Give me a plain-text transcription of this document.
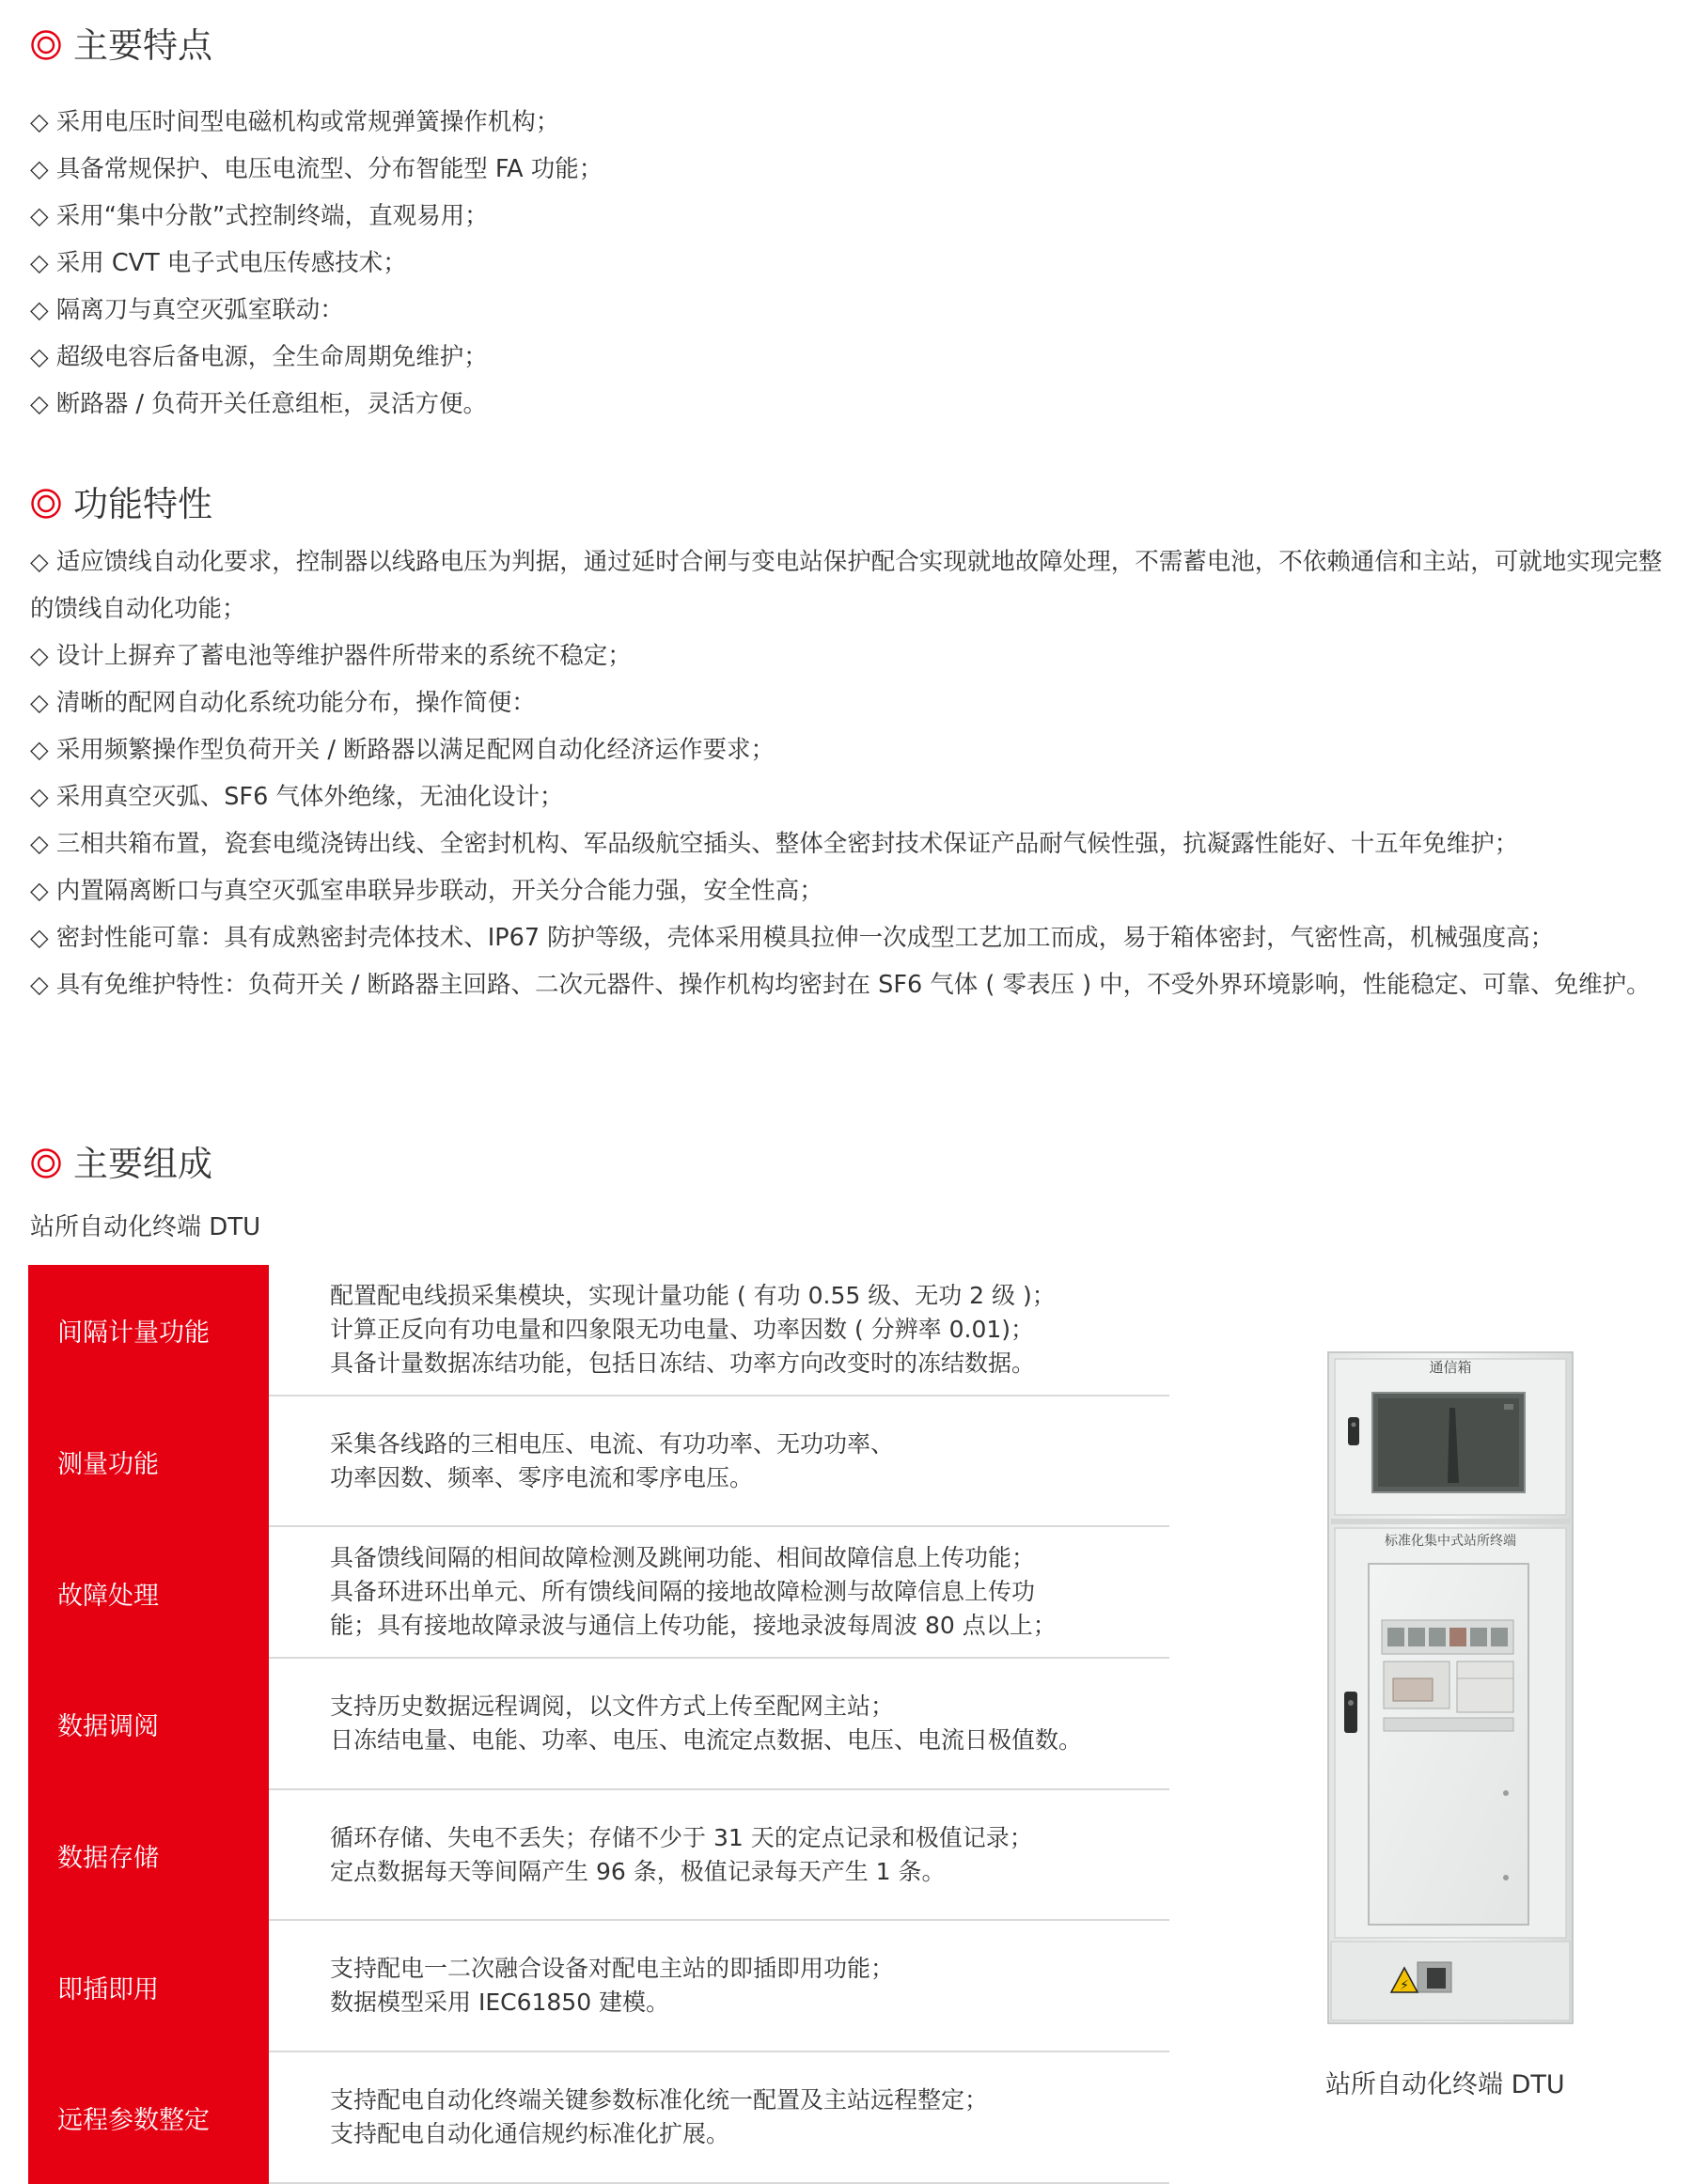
主要特点
◇ 采用电压时间型电磁机构或常规弹簧操作机构；
◇ 具备常规保护、电压电流型、分布智能型 FA 功能；
◇ 采用“集中分散”式控制终端，直观易用；
◇ 采用 CVT 电子式电压传感技术；
◇ 隔离刀与真空灭弧室联动：
◇ 超级电容后备电源，全生命周期免维护；
◇ 断路器 / 负荷开关任意组柜，灵活方便。
功能特性
◇ 适应馈线自动化要求，控制器以线路电压为判据，通过延时合闸与变电站保护配合实现就地故障处理，不需蓄电池，不依赖通信和主站，可就地实现完整的馈线自动化功能；
◇ 设计上摒弃了蓄电池等维护器件所带来的系统不稳定；
◇ 清晰的配网自动化系统功能分布，操作简便：
◇ 采用频繁操作型负荷开关 / 断路器以满足配网自动化经济运作要求；
◇ 采用真空灭弧、SF6 气体外绝缘，无油化设计；
◇ 三相共箱布置，瓷套电缆浇铸出线、全密封机构、军品级航空插头、整体全密封技术保证产品耐气候性强，抗凝露性能好、十五年免维护；
◇ 内置隔离断口与真空灭弧室串联异步联动，开关分合能力强，安全性高；
◇ 密封性能可靠：具有成熟密封壳体技术、IP67 防护等级，壳体采用模具拉伸一次成型工艺加工而成，易于箱体密封，气密性高，机械强度高；
◇ 具有免维护特性：负荷开关 / 断路器主回路、二次元器件、操作机构均密封在 SF6 气体 ( 零表压 ) 中，不受外界环境影响，性能稳定、可靠、免维护。
主要组成
站所自动化终端 DTU
间隔计量功能
配置配电线损采集模块，实现计量功能 ( 有功 0.55 级、无功 2 级 )；
计算正反向有功电量和四象限无功电量、功率因数 ( 分辨率 0.01)；
具备计量数据冻结功能，包括日冻结、功率方向改变时的冻结数据。
测量功能
采集各线路的三相电压、电流、有功功率、无功功率、
功率因数、频率、零序电流和零序电压。
故障处理
具备馈线间隔的相间故障检测及跳闸功能、相间故障信息上传功能；
具备环进环出单元、所有馈线间隔的接地故障检测与故障信息上传功
能；具有接地故障录波与通信上传功能，接地录波每周波 80 点以上；
数据调阅
支持历史数据远程调阅，以文件方式上传至配网主站；
日冻结电量、电能、功率、电压、电流定点数据、电压、电流日极值数。
数据存储
循环存储、失电不丢失；存储不少于 31 天的定点记录和极值记录；
定点数据每天等间隔产生 96 条，极值记录每天产生 1 条。
即插即用
支持配电一二次融合设备对配电主站的即插即用功能；
数据模型采用 IEC61850 建模。
远程参数整定
支持配电自动化终端关键参数标准化统一配置及主站远程整定；
支持配电自动化通信规约标准化扩展。
通信箱
标准化集中式站所终端
⚡
站所自动化终端 DTU
